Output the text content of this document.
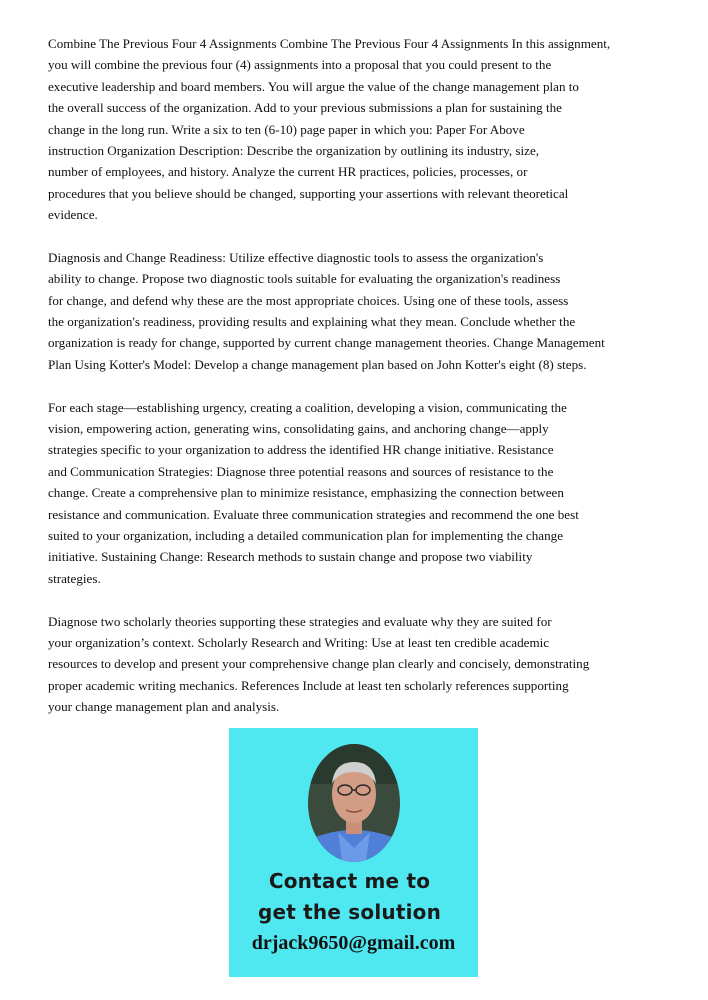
Combine The Previous Four 4 Assignments Combine The Previous Four 4 Assignments In this assignment,
you will combine the previous four (4) assignments into a proposal that you could present to the
executive leadership and board members. You will argue the value of the change management plan to
the overall success of the organization. Add to your previous submissions a plan for sustaining the
change in the long run. Write a six to ten (6-10) page paper in which you: Paper For Above
instruction Organization Description: Describe the organization by outlining its industry, size,
number of employees, and history. Analyze the current HR practices, policies, processes, or
procedures that you believe should be changed, supporting your assertions with relevant theoretical
evidence.

Diagnosis and Change Readiness: Utilize effective diagnostic tools to assess the organization's
ability to change. Propose two diagnostic tools suitable for evaluating the organization's readiness
for change, and defend why these are the most appropriate choices. Using one of these tools, assess
the organization's readiness, providing results and explaining what they mean. Conclude whether the
organization is ready for change, supported by current change management theories. Change Management
Plan Using Kotter's Model: Develop a change management plan based on John Kotter's eight (8) steps.

For each stage—establishing urgency, creating a coalition, developing a vision, communicating the
vision, empowering action, generating wins, consolidating gains, and anchoring change—apply
strategies specific to your organization to address the identified HR change initiative. Resistance
and Communication Strategies: Diagnose three potential reasons and sources of resistance to the
change. Create a comprehensive plan to minimize resistance, emphasizing the connection between
resistance and communication. Evaluate three communication strategies and recommend the one best
suited to your organization, including a detailed communication plan for implementing the change
initiative. Sustaining Change: Research methods to sustain change and propose two viability
strategies.

Diagnose two scholarly theories supporting these strategies and evaluate why they are suited for
your organization’s context. Scholarly Research and Writing: Use at least ten credible academic
resources to develop and present your comprehensive change plan clearly and concisely, demonstrating
proper academic writing mechanics. References Include at least ten scholarly references supporting
your change management plan and analysis.

Contact me to
get the solution
drjack9650@gmail.com
